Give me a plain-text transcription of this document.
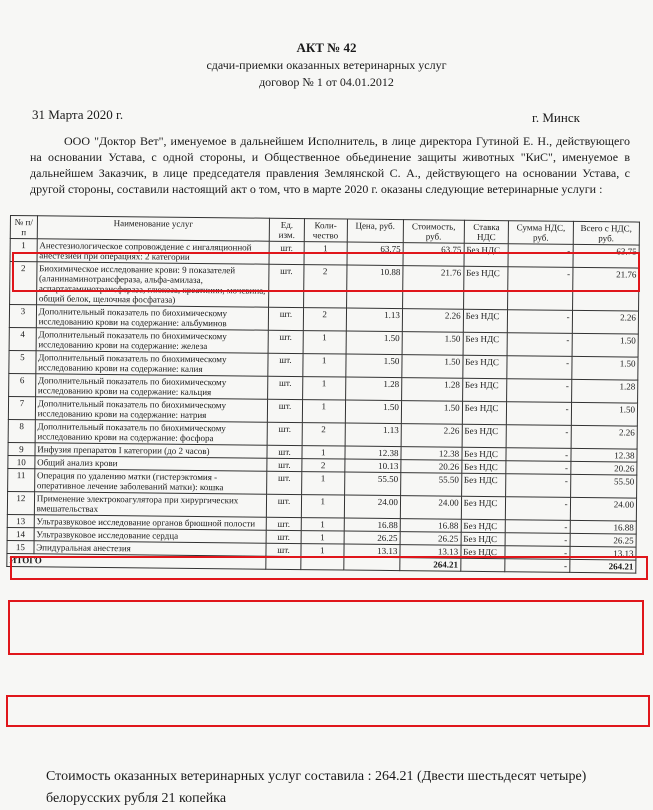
АКТ № 42
сдачи-приемки оказанных ветеринарных услуг
договор № 1 от 04.01.2012
31 Марта 2020 г.	г. Минск
ООО "Доктор Вет", именуемое в дальнейшем Исполнитель, в лице директора Гутиной Е. Н., действующего на основании Устава, с одной стороны, и Общественное обьединение защиты животных "КиС", именуемое в дальнейшем Заказчик, в лице председателя правления Землянской С. А., действующего на основании Устава, с другой стороны, составили настоящий акт о том, что в марте 2020 г. оказаны следующие ветеринарные услуги :
№ п/п	Наименование услуг	Ед. изм.	Коли-чество	Цена, руб.	Стоимость, руб.	Ставка НДС	Сумма НДС, руб.	Всего с НДС, руб.
1	Анестезиологическое сопровождение с ингаляционной анестезией при операциях: 2 категории	шт.	1	63.75	63.75	Без НДС	-	63.75
2	Биохимическое исследование крови: 9 показателей (аланинаминотрансфераза, альфа-амилаза, аспартатаминотрансфераза, глюкоза, креатинин, мочевина, общий белок, щелочная фосфатаза)	шт.	2	10.88	21.76	Без НДС	-	21.76
3	Дополнительный показатель по биохимическому исследованию крови на содержание: альбуминов	шт.	2	1.13	2.26	Без НДС	-	2.26
4	Дополнительный показатель по биохимическому исследованию крови на содержание: железа	шт.	1	1.50	1.50	Без НДС	-	1.50
5	Дополнительный показатель по биохимическому исследованию крови на содержание: калия	шт.	1	1.50	1.50	Без НДС	-	1.50
6	Дополнительный показатель по биохимическому исследованию крови на содержание: кальция	шт.	1	1.28	1.28	Без НДС	-	1.28
7	Дополнительный показатель по биохимическому исследованию крови на содержание: натрия	шт.	1	1.50	1.50	Без НДС	-	1.50
8	Дополнительный показатель по биохимическому исследованию крови на содержание: фосфора	шт.	2	1.13	2.26	Без НДС	-	2.26
9	Инфузия препаратов I категории (до 2 часов)	шт.	1	12.38	12.38	Без НДС	-	12.38
10	Общий анализ крови	шт.	2	10.13	20.26	Без НДС	-	20.26
11	Операция по удалению матки (гистерэктомия - оперативное лечение заболеваний матки): кошка	шт.	1	55.50	55.50	Без НДС	-	55.50
12	Применение электрокоагулятора при хирургических вмешательствах	шт.	1	24.00	24.00	Без НДС	-	24.00
13	Ультразвуковое исследование органов брюшной полости	шт.	1	16.88	16.88	Без НДС	-	16.88
14	Ультразвуковое исследование сердца	шт.	1	26.25	26.25	Без НДС	-	26.25
15	Эпидуральная анестезия	шт.	1	13.13	13.13	Без НДС	-	13.13
ИТОГО					264.21		-	264.21
Стоимость оказанных ветеринарных услуг составила : 264.21 (Двести шестьдесят четыре) белорусских рубля 21 копейка
